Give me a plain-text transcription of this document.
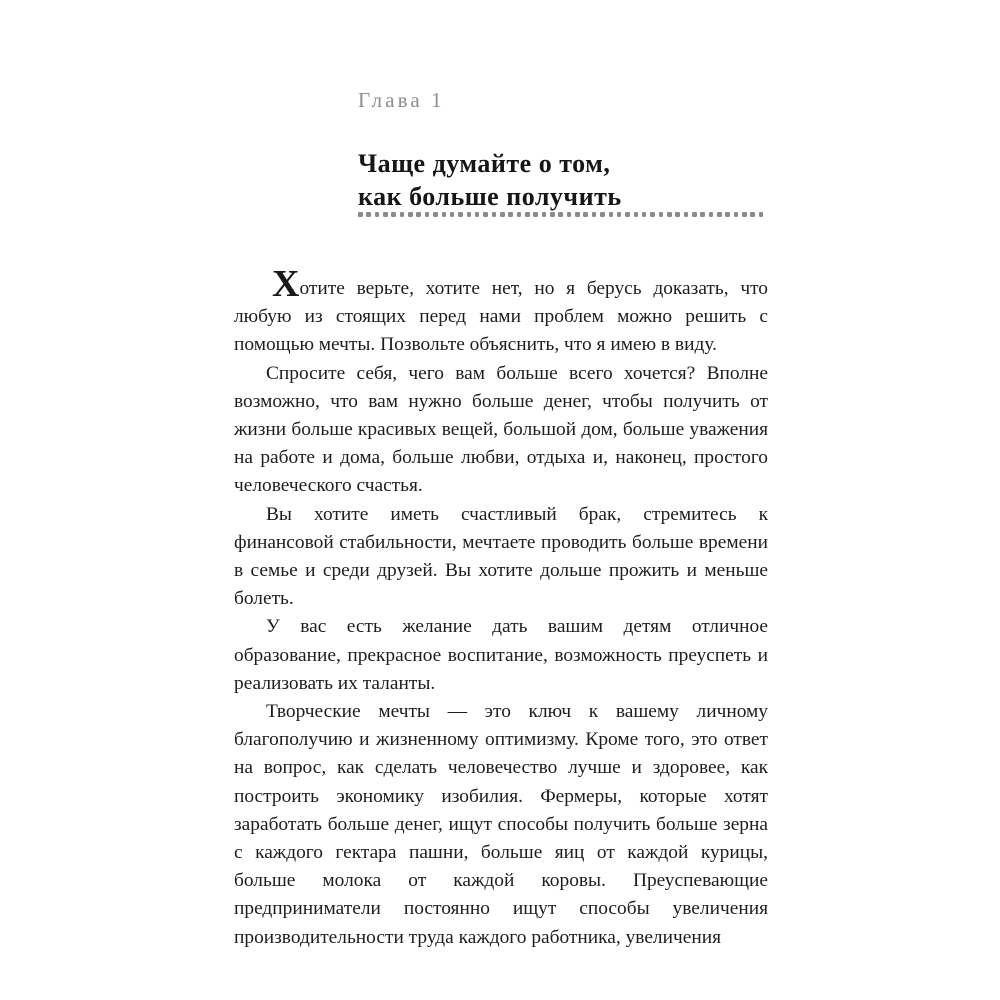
Глава 1
Чаще думайте о том,
как больше получить

Хотите верьте, хотите нет, но я берусь доказать, что любую из стоящих перед нами проблем можно решить с помощью мечты. Позвольте объяснить, что я имею в виду.

Спросите себя, чего вам больше всего хочется? Вполне возможно, что вам нужно больше денег, чтобы получить от жизни больше красивых вещей, большой дом, больше уважения на работе и дома, больше любви, отдыха и, наконец, простого человеческого счастья.

Вы хотите иметь счастливый брак, стремитесь к финансовой стабильности, мечтаете проводить больше времени в семье и среди друзей. Вы хотите дольше прожить и меньше болеть.

У вас есть желание дать вашим детям отличное образование, прекрасное воспитание, возможность преуспеть и реализовать их таланты.

Творческие мечты — это ключ к вашему личному благополучию и жизненному оптимизму. Кроме того, это ответ на вопрос, как сделать человечество лучше и здоровее, как построить экономику изобилия. Фермеры, которые хотят заработать больше денег, ищут способы получить больше зерна с каждого гектара пашни, больше яиц от каждой курицы, больше молока от каждой коровы. Преуспевающие предприниматели постоянно ищут способы увеличения производительности труда каждого работника, увеличения
